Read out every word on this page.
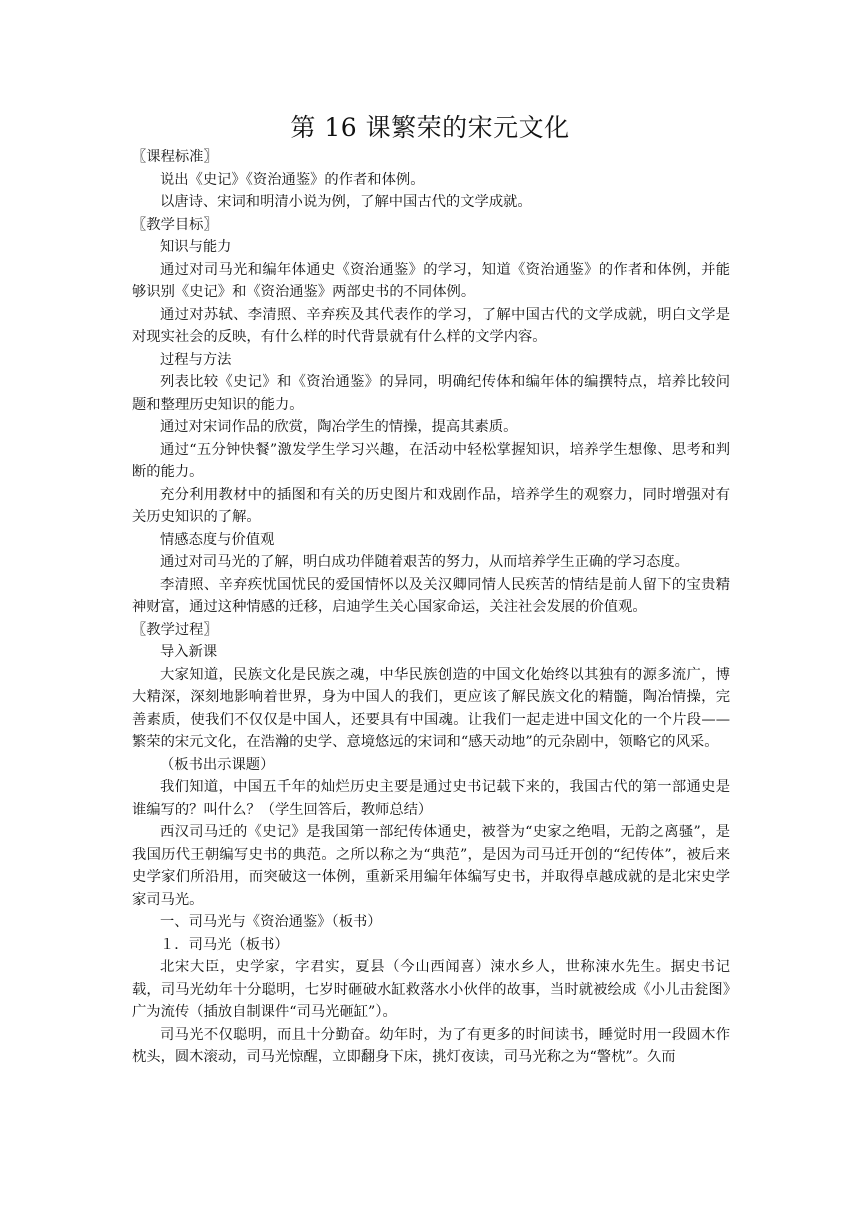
第 16 课繁荣的宋元文化

〖课程标准〗

说出《史记》《资治通鉴》的作者和体例。

以唐诗、宋词和明清小说为例，了解中国古代的文学成就。

〖教学目标〗

知识与能力

通过对司马光和编年体通史《资治通鉴》的学习，知道《资治通鉴》的作者和体例，并能够识别《史记》和《资治通鉴》两部史书的不同体例。

通过对苏轼、李清照、辛弃疾及其代表作的学习，了解中国古代的文学成就，明白文学是对现实社会的反映，有什么样的时代背景就有什么样的文学内容。

过程与方法

列表比较《史记》和《资治通鉴》的异同，明确纪传体和编年体的编撰特点，培养比较问题和整理历史知识的能力。

通过对宋词作品的欣赏，陶冶学生的情操，提高其素质。

通过“五分钟快餐”激发学生学习兴趣，在活动中轻松掌握知识，培养学生想像、思考和判断的能力。

充分利用教材中的插图和有关的历史图片和戏剧作品，培养学生的观察力，同时增强对有关历史知识的了解。

情感态度与价值观

通过对司马光的了解，明白成功伴随着艰苦的努力，从而培养学生正确的学习态度。

李清照、辛弃疾忧国忧民的爱国情怀以及关汉卿同情人民疾苦的情结是前人留下的宝贵精神财富，通过这种情感的迁移，启迪学生关心国家命运，关注社会发展的价值观。

〖教学过程〗

导入新课

大家知道，民族文化是民族之魂，中华民族创造的中国文化始终以其独有的源多流广，博大精深，深刻地影响着世界，身为中国人的我们，更应该了解民族文化的精髓，陶冶情操，完善素质，使我们不仅仅是中国人，还要具有中国魂。让我们一起走进中国文化的一个片段——繁荣的宋元文化，在浩瀚的史学、意境悠远的宋词和“感天动地”的元杂剧中，领略它的风采。

（板书出示课题）

我们知道，中国五千年的灿烂历史主要是通过史书记载下来的，我国古代的第一部通史是谁编写的？叫什么？（学生回答后，教师总结）

西汉司马迁的《史记》是我国第一部纪传体通史，被誉为“史家之绝唱，无韵之离骚”，是我国历代王朝编写史书的典范。之所以称之为“典范”，是因为司马迁开创的“纪传体”，被后来史学家们所沿用，而突破这一体例，重新采用编年体编写史书，并取得卓越成就的是北宋史学家司马光。

一、司马光与《资治通鉴》（板书）

１．司马光（板书）

北宋大臣，史学家，字君实，夏县（今山西闻喜）涑水乡人，世称涑水先生。据史书记载，司马光幼年十分聪明，七岁时砸破水缸救落水小伙伴的故事，当时就被绘成《小儿击瓮图》广为流传（插放自制课件“司马光砸缸”）。

司马光不仅聪明，而且十分勤奋。幼年时，为了有更多的时间读书，睡觉时用一段圆木作枕头，圆木滚动，司马光惊醒，立即翻身下床，挑灯夜读，司马光称之为“警枕”。久而
